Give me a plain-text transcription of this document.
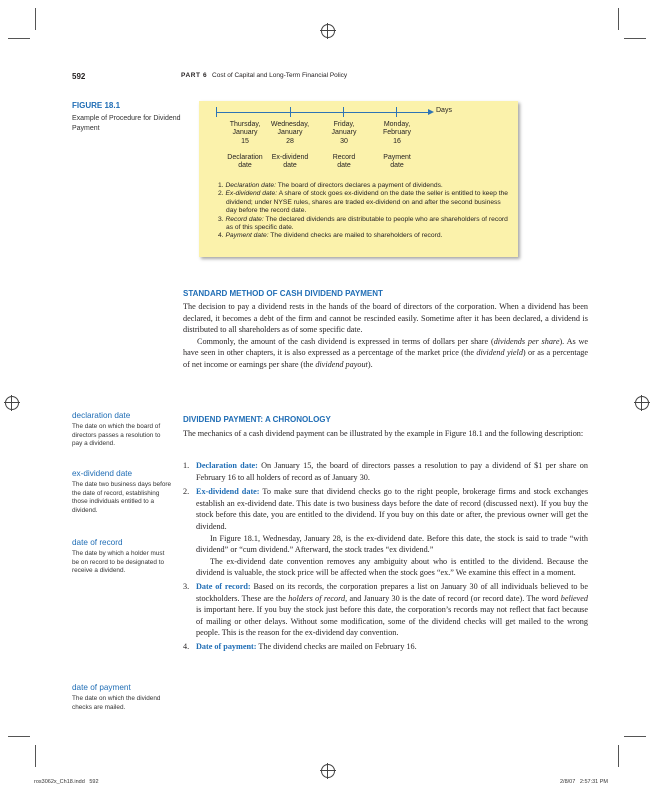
592	PART 6 Cost of Capital and Long-Term Financial Policy
FIGURE 18.1
Example of Procedure for Dividend Payment
Days
Thursday,
January
15
Wednesday,
January
28
Friday,
January
30
Monday,
February
16
Declaration
date
Ex-dividend
date
Record
date
Payment
date
1. Declaration date: The board of directors declares a payment of dividends.
2. Ex-dividend date: A share of stock goes ex-dividend on the date the seller is entitled to keep the dividend; under NYSE rules, shares are traded ex-dividend on and after the second business day before the record date.
3. Record date: The declared dividends are distributable to people who are shareholders of record as of this specific date.
4. Payment date: The dividend checks are mailed to shareholders of record.
STANDARD METHOD OF CASH DIVIDEND PAYMENT

The decision to pay a dividend rests in the hands of the board of directors of the corporation. When a dividend has been declared, it becomes a debt of the firm and cannot be rescinded easily. Sometime after it has been declared, a dividend is distributed to all shareholders as of some specific date.

Commonly, the amount of the cash dividend is expressed in terms of dollars per share (dividends per share). As we have seen in other chapters, it is also expressed as a percentage of the market price (the dividend yield) or as a percentage of net income or earnings per share (the dividend payout).

DIVIDEND PAYMENT: A CHRONOLOGY
The mechanics of a cash dividend payment can be illustrated by the example in Figure 18.1 and the following description:
1. Declaration date: On January 15, the board of directors passes a resolution to pay a dividend of $1 per share on February 16 to all holders of record as of January 30.
2. Ex-dividend date: To make sure that dividend checks go to the right people, brokerage firms and stock exchanges establish an ex-dividend date. This date is two business days before the date of record (discussed next). If you buy the stock before this date, you are entitled to the dividend. If you buy on this date or after, the previous owner will get the dividend.

In Figure 18.1, Wednesday, January 28, is the ex-dividend date. Before this date, the stock is said to trade “with dividend” or “cum dividend.” Afterward, the stock trades “ex dividend.”

The ex-dividend date convention removes any ambiguity about who is entitled to the dividend. Because the dividend is valuable, the stock price will be affected when the stock goes “ex.” We examine this effect in a moment.

3. Date of record: Based on its records, the corporation prepares a list on January 30 of all individuals believed to be stockholders. These are the holders of record, and January 30 is the date of record (or record date). The word believed is important here. If you buy the stock just before this date, the corporation’s records may not reflect that fact because of mailing or other delays. Without some modification, some of the dividend checks will get mailed to the wrong people. This is the reason for the ex-dividend day convention.
4. Date of payment: The dividend checks are mailed on February 16.
declaration date
The date on which the board of directors passes a resolution to pay a dividend.
ex-dividend date
The date two business days before the date of record, establishing those individuals entitled to a dividend.
date of record
The date by which a holder must be on record to be designated to receive a dividend.
date of payment
The date on which the dividend checks are mailed.
ros3062x_Ch18.indd   592	2/8/07   2:57:31 PM
